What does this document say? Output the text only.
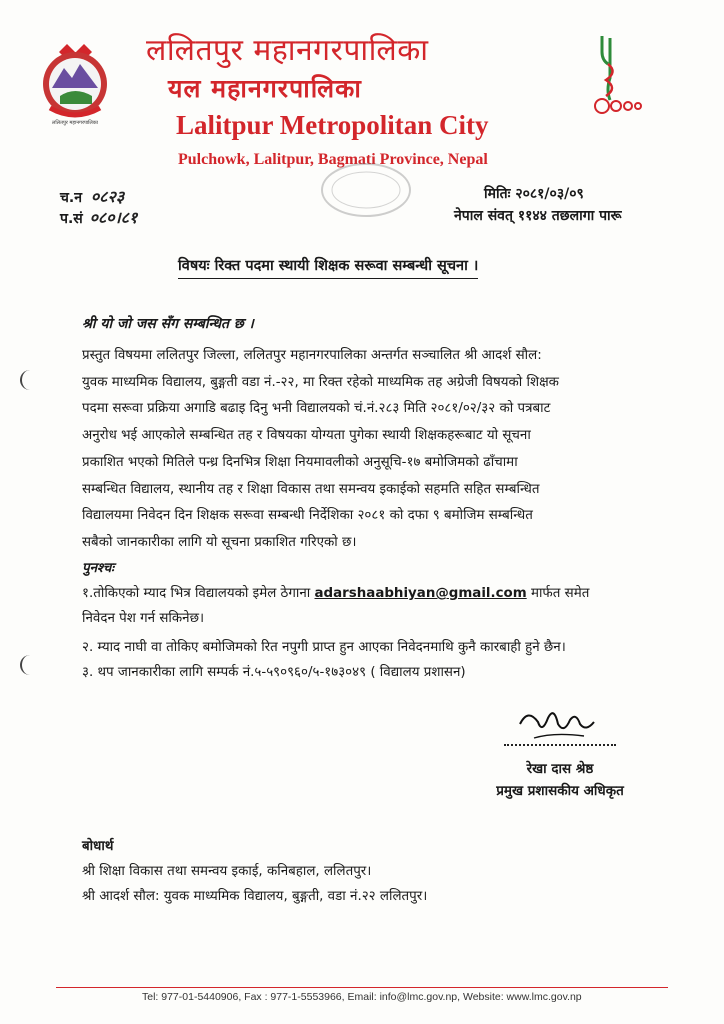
ललितपुर महानगरपालिका
ललितपुर महानगरपालिका
यल महानगरपालिका
Lalitpur Metropolitan City
Pulchowk, Lalitpur, Bagmati Province, Nepal
च.न ०८२३
प.सं ०८०।८१
मितिः २०८१/०३/०९
नेपाल संवत् ११४४ तछलागा पारू
विषयः रिक्त पदमा स्थायी शिक्षक सरूवा सम्बन्धी सूचना ।
श्री यो जो जस सँग सम्बन्धित छ ।
प्रस्तुत विषयमा ललितपुर जिल्ला, ललितपुर महानगरपालिका अन्तर्गत सञ्चालित श्री आदर्श सौल:
युवक माध्यमिक विद्यालय, बुङ्गती वडा नं.-२२, मा रिक्त रहेको माध्यमिक तह अग्रेजी विषयको शिक्षक
पदमा सरूवा प्रक्रिया अगाडि बढाइ दिनु भनी विद्यालयको चं.नं.२८३ मिति २०८१/०२/३२ को पत्रबाट
अनुरोध भई आएकोले सम्बन्धित तह र विषयका योग्यता पुगेका स्थायी शिक्षकहरूबाट यो सूचना
प्रकाशित भएको मितिले पन्ध्र दिनभित्र शिक्षा नियमावलीको अनुसूचि-१७ बमोजिमको ढाँचामा
सम्बन्धित विद्यालय, स्थानीय तह र शिक्षा विकास तथा समन्वय इकाईको सहमति सहित सम्बन्धित
विद्यालयमा निवेदन दिन शिक्षक सरूवा सम्बन्धी निर्देशिका २०८१ को दफा ९ बमोजिम सम्बन्धित
सबैको जानकारीका लागि यो सूचना प्रकाशित गरिएको छ।
पुनश्चः
१.तोकिएको म्याद भित्र विद्यालयको इमेल ठेगाना adarshaabhiyan@gmail.com मार्फत समेत
निवेदन पेश गर्न सकिनेछ।
२. म्याद नाघी वा तोकिए बमोजिमको रित नपुगी प्राप्त हुन आएका निवेदनमाथि कुनै कारबाही हुने छैन।
३. थप जानकारीका लागि सम्पर्क नं.५-५९०९६०/५-१७३०४९ ( विद्यालय प्रशासन)
रेखा दास श्रेष्ठ
प्रमुख प्रशासकीय अधिकृत
बोधार्थ
श्री शिक्षा विकास तथा समन्वय इकाई, कनिबहाल, ललितपुर।
श्री आदर्श सौल: युवक माध्यमिक विद्यालय, बुङ्गती, वडा नं.२२ ललितपुर।
Tel: 977-01-5440906, Fax : 977-1-5553966, Email: info@lmc.gov.np, Website: www.lmc.gov.np
